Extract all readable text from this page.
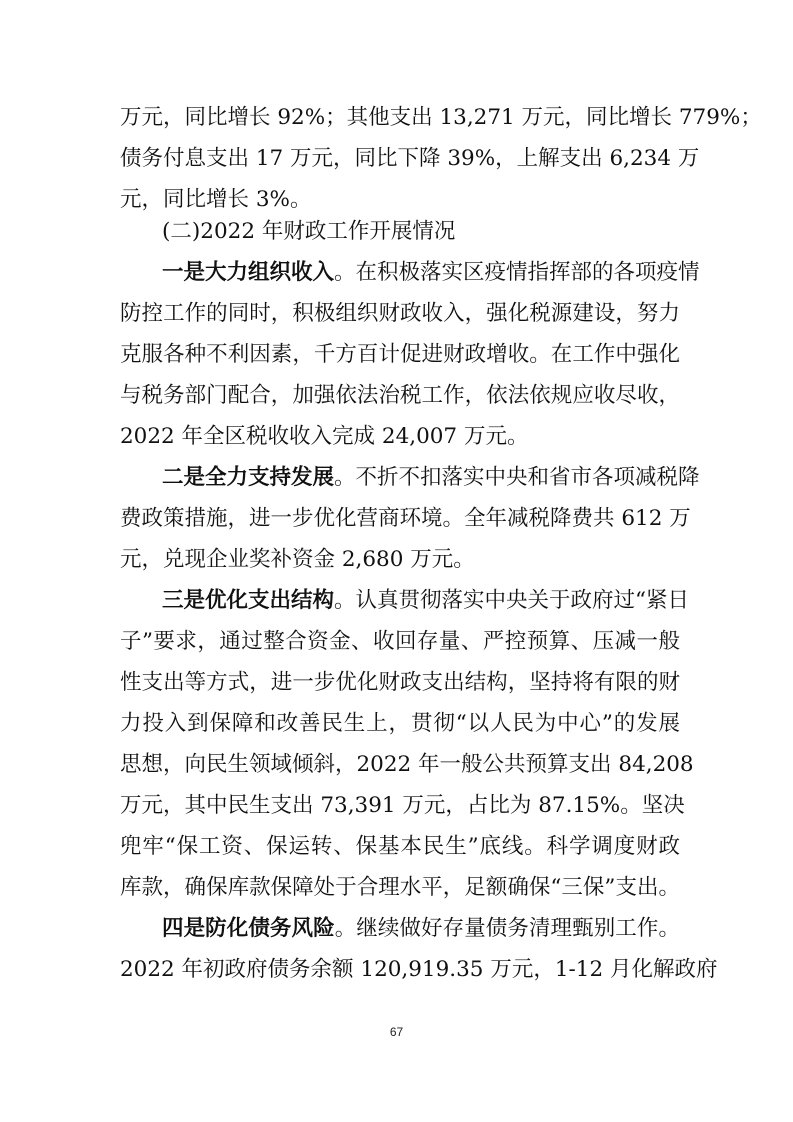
万元，同比增长 92%；其他支出 13,271 万元，同比增长 779%；
债务付息支出 17 万元，同比下降 39%，上解支出 6,234 万
元，同比增长 3%。
(二)2022 年财政工作开展情况
一是大力组织收入。在积极落实区疫情指挥部的各项疫情
防控工作的同时，积极组织财政收入，强化税源建设，努力
克服各种不利因素，千方百计促进财政增收。在工作中强化
与税务部门配合，加强依法治税工作，依法依规应收尽收，
2022 年全区税收收入完成 24,007 万元。
二是全力支持发展。不折不扣落实中央和省市各项减税降
费政策措施，进一步优化营商环境。全年减税降费共 612 万
元，兑现企业奖补资金 2,680 万元。
三是优化支出结构。认真贯彻落实中央关于政府过“紧日
子”要求，通过整合资金、收回存量、严控预算、压减一般
性支出等方式，进一步优化财政支出结构，坚持将有限的财
力投入到保障和改善民生上，贯彻“以人民为中心”的发展
思想，向民生领域倾斜，2022 年一般公共预算支出 84,208
万元，其中民生支出 73,391 万元，占比为 87.15%。坚决
兜牢“保工资、保运转、保基本民生”底线。科学调度财政
库款，确保库款保障处于合理水平，足额确保“三保”支出。
四是防化债务风险。继续做好存量债务清理甄别工作。
2022 年初政府债务余额 120,919.35 万元，1-12 月化解政府
67
